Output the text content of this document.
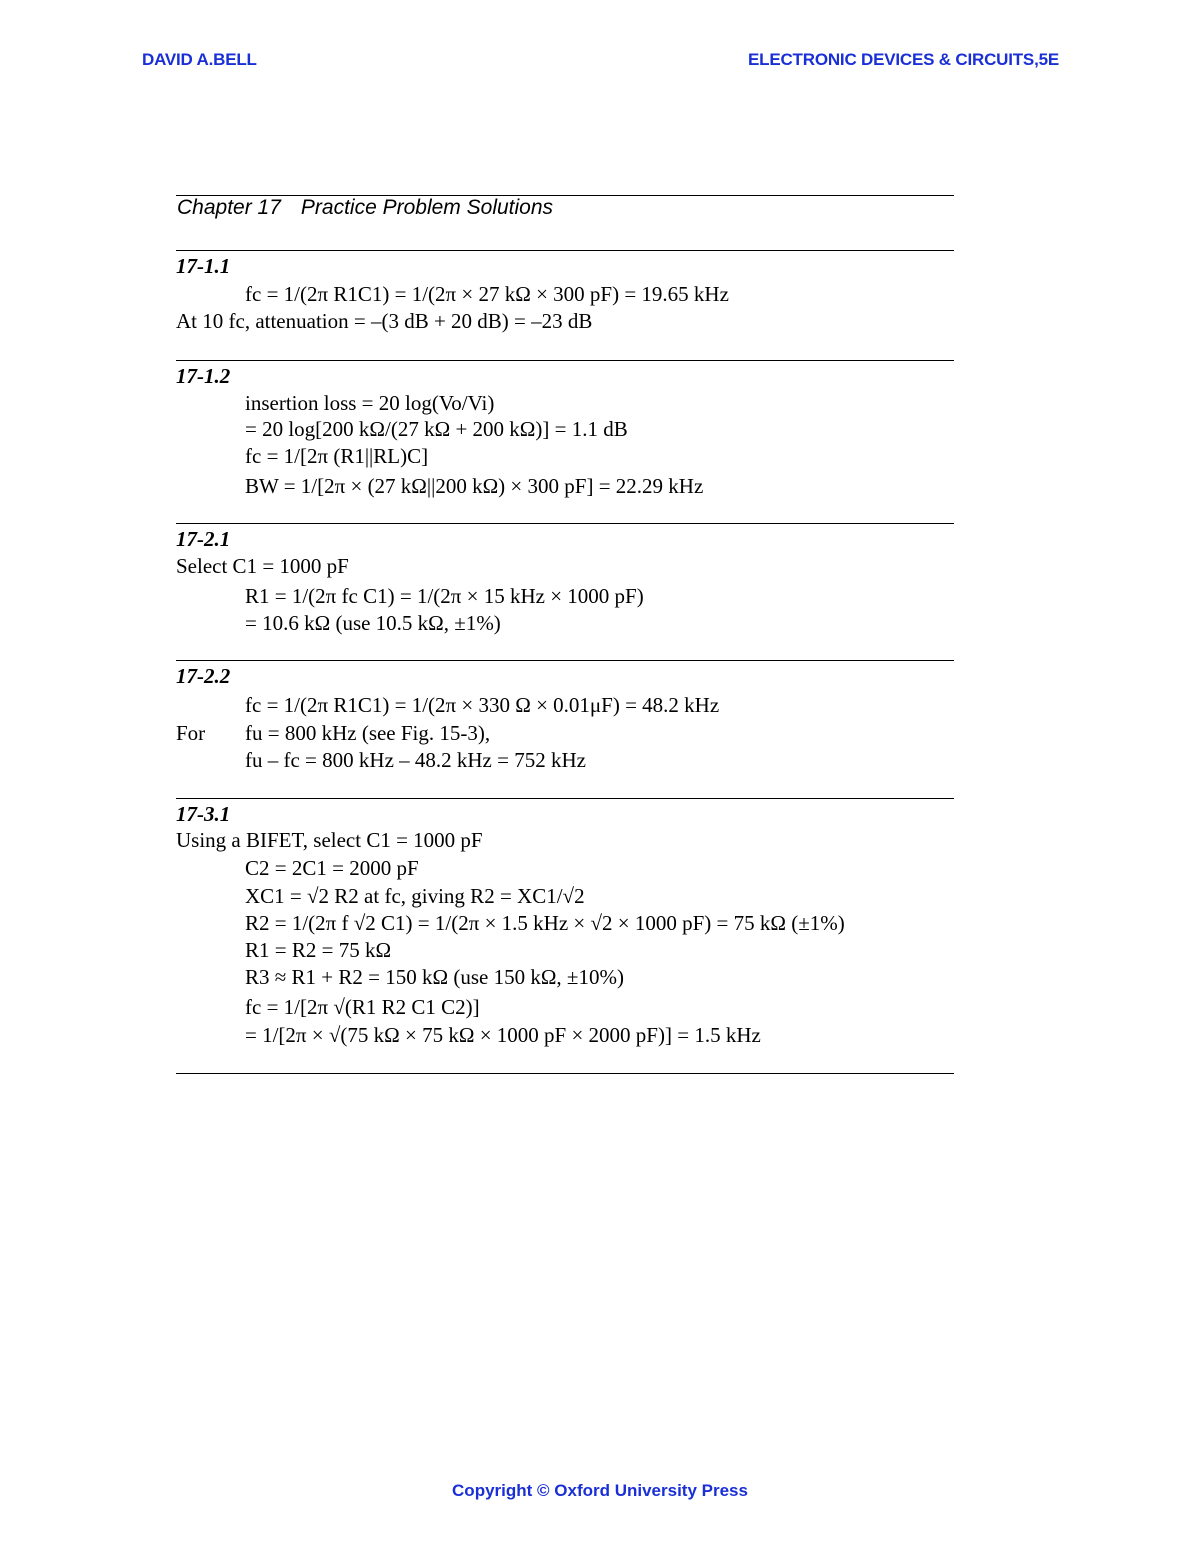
DAVID A.BELL	ELECTRONIC DEVICES & CIRCUITS,5E
Chapter 17 Practice Problem Solutions
17-1.1
fc = 1/(2π R1C1) = 1/(2π × 27 kΩ × 300 pF) = 19.65 kHz
At 10 fc, attenuation = –(3 dB + 20 dB) = –23 dB
17-1.2
insertion loss = 20 log(Vo/Vi)
= 20 log[200 kΩ/(27 kΩ + 200 kΩ)] = 1.1 dB
fc = 1/[2π (R1||RL)C]
BW = 1/[2π × (27 kΩ||200 kΩ) × 300 pF] = 22.29 kHz
17-2.1
Select C1 = 1000 pF
R1 = 1/(2π fc C1) = 1/(2π × 15 kHz × 1000 pF)
= 10.6 kΩ (use 10.5 kΩ, ±1%)
17-2.2
fc = 1/(2π R1C1) = 1/(2π × 330 Ω × 0.01μF) = 48.2 kHz
For fu = 800 kHz (see Fig. 15-3),
fu – fc = 800 kHz – 48.2 kHz = 752 kHz
17-3.1
Using a BIFET, select C1 = 1000 pF
C2 = 2C1 = 2000 pF
XC1 = √2 R2 at fc, giving R2 = XC1/√2
R2 = 1/(2π f √2 C1) = 1/(2π × 1.5 kHz × √2 × 1000 pF) = 75 kΩ (±1%)
R1 = R2 = 75 kΩ
R3 ≈ R1 + R2 = 150 kΩ (use 150 kΩ, ±10%)
fc = 1/[2π √(R1 R2 C1 C2)]
= 1/[2π × √(75 kΩ × 75 kΩ × 1000 pF × 2000 pF)] = 1.5 kHz
Copyright © Oxford University Press
